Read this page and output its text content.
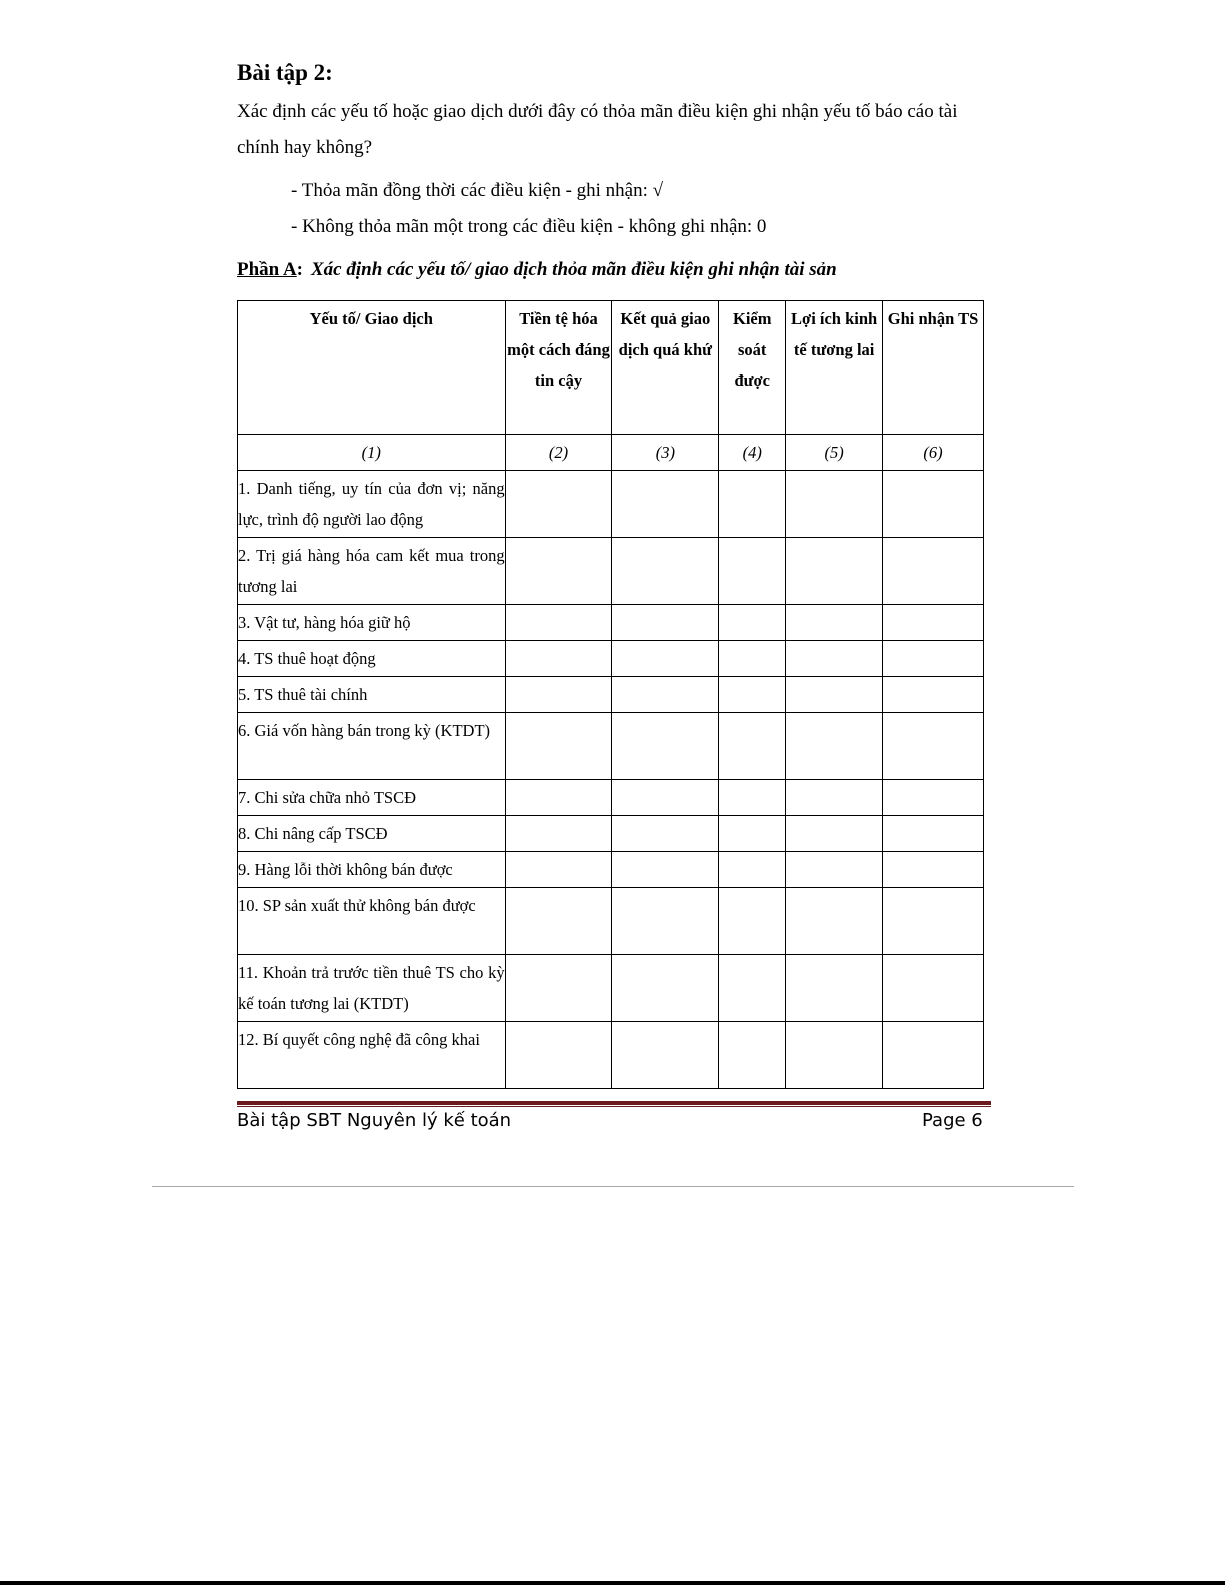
Bài tập 2:
Xác định các yếu tố hoặc giao dịch dưới đây có thỏa mãn điều kiện ghi nhận yếu tố báo cáo tài chính hay không?
- Thỏa mãn đồng thời các điều kiện - ghi nhận: √
- Không thỏa mãn một trong các điều kiện - không ghi nhận: 0
Phần A: Xác định các yếu tố/ giao dịch thỏa mãn điều kiện ghi nhận tài sản
Yếu tố/ Giao dịch	Tiền tệ hóa một cách đáng tin cậy	Kết quả giao dịch quá khứ	Kiểm soát được	Lợi ích kinh tế tương lai	Ghi nhận TS
(1)	(2)	(3)	(4)	(5)	(6)
1. Danh tiếng, uy tín của đơn vị; năng lực, trình độ người lao động					
2. Trị giá hàng hóa cam kết mua trong tương lai					
3. Vật tư, hàng hóa giữ hộ					
4. TS thuê hoạt động					
5. TS thuê tài chính					
6. Giá vốn hàng bán trong kỳ (KTDT)					
7. Chi sửa chữa nhỏ TSCĐ					
8. Chi nâng cấp TSCĐ					
9. Hàng lỗi thời không bán được					
10. SP sản xuất thử không bán được					
11. Khoản trả trước tiền thuê TS cho kỳ kế toán tương lai (KTDT)					
12. Bí quyết công nghệ đã công khai					
Bài tập SBT Nguyên lý kế toán	Page 6
